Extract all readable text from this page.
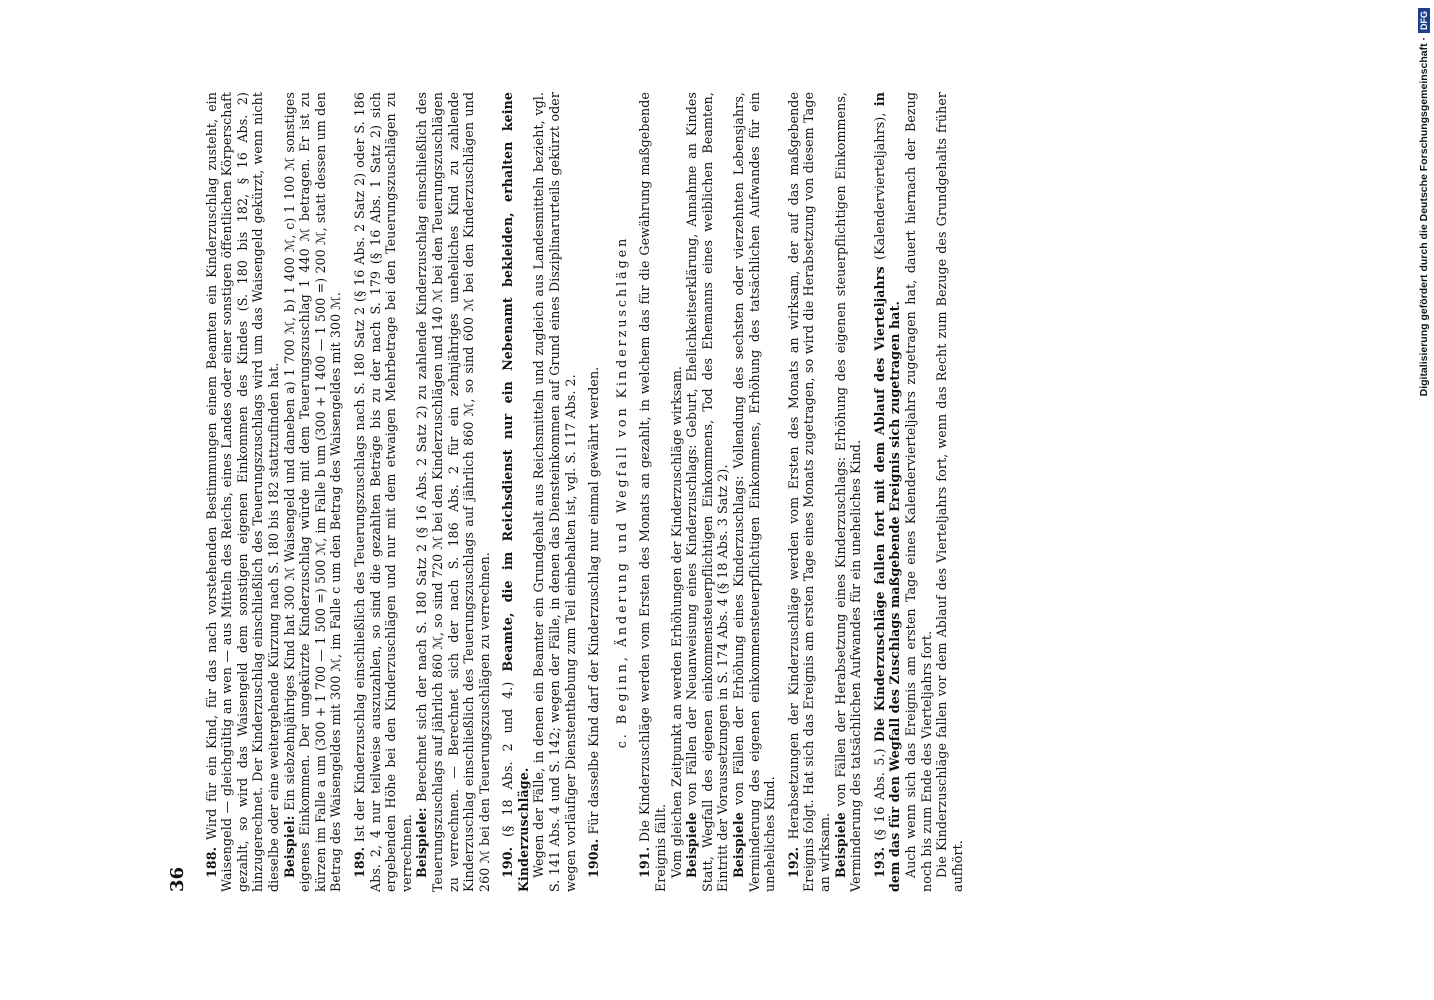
36

188. Wird für ein Kind, für das nach vorstehenden Bestimmungen einem Beamten ein Kinderzuschlag zusteht, ein Waisengeld — gleichgültig an wen — aus Mitteln des Reichs, eines Landes oder einer sonstigen öffentlichen Körperschaft gezahlt, so wird das Waisengeld dem sonstigen eigenen Einkommen des Kindes (S. 180 bis 182, § 16 Abs. 2) hinzugerechnet. Der Kinderzuschlag einschließlich des Teuerungszuschlags wird um das Waisengeld gekürzt, wenn nicht dieselbe oder eine weitergehende Kürzung nach S. 180 bis 182 stattzufinden hat. Beispiel: Ein siebzehnjähriges Kind hat 300 ℳ Waisengeld und daneben a) 1 700 ℳ, b) 1 400 ℳ, c) 1 100 ℳ sonstiges eigenes Einkommen. Der ungekürzte Kinderzuschlag würde mit dem Teuerungszuschlag 1 440 ℳ betragen. Er ist zu kürzen im Falle a um (300 + 1 700 — 1 500 =) 500 ℳ, im Falle b um (300 + 1 400 — 1 500 =) 200 ℳ, statt dessen um den Betrag des Waisengeldes mit 300 ℳ, im Falle c um den Betrag des Waisengeldes mit 300 ℳ. 189. Ist der Kinderzuschlag einschließlich des Teuerungszuschlags nach S. 180 Satz 2 (§ 16 Abs. 2 Satz 2) oder S. 186 Abs. 2, 4 nur teilweise auszuzahlen, so sind die gezahlten Beträge bis zu der nach S. 179 (§ 16 Abs. 1 Satz 2) sich ergebenden Höhe bei den Kinderzuschlägen und nur mit dem etwaigen Mehrbetrage bei den Teuerungszuschlägen zu verrechnen. Beispiele: Berechnet sich der nach S. 180 Satz 2 (§ 16 Abs. 2 Satz 2) zu zahlende Kinderzuschlag einschließlich des Teuerungszuschlags auf jährlich 860 ℳ, so sind 720 ℳ bei den Kinderzuschlägen und 140 ℳ bei den Teuerungszuschlägen zu verrechnen. — Berechnet sich der nach S. 186 Abs. 2 für ein zehnjähriges uneheliches Kind zu zahlende Kinderzuschlag einschließlich des Teuerungszuschlags auf jährlich 860 ℳ, so sind 600 ℳ bei den Kinderzuschlägen und 260 ℳ bei den Teuerungszuschlägen zu verrechnen. 190. (§ 18 Abs. 2 und 4.) Beamte, die im Reichsdienst nur ein Nebenamt bekleiden, erhalten keine Kinderzuschläge. Wegen der Fälle, in denen ein Beamter ein Grundgehalt aus Reichsmitteln und zugleich aus Landesmitteln bezieht, vgl. S. 141 Abs. 4 und S. 142; wegen der Fälle, in denen das Diensteinkommen auf Grund eines Disziplinarurteils gekürzt oder wegen vorläufiger Dienstenthebung zum Teil einbehalten ist, vgl. S. 117 Abs. 2. 190a. Für dasselbe Kind darf der Kinderzuschlag nur einmal gewährt werden. c. Beginn, Änderung und Wegfall von Kinderzuschlägen

191. Die Kinderzuschläge werden vom Ersten des Monats an gezahlt, in welchem das für die Gewährung maßgebende Ereignis fällt. Vom gleichen Zeitpunkt an werden Erhöhungen der Kinderzuschläge wirksam. Beispiele von Fällen der Neuanweisung eines Kinderzuschlags: Geburt, Ehelichkeitserklärung, Annahme an Kindes Statt, Wegfall des eigenen einkommensteuerpflichtigen Einkommens, Tod des Ehemanns eines weiblichen Beamten, Eintritt der Voraussetzungen in S. 174 Abs. 4 (§ 18 Abs. 3 Satz 2). Beispiele von Fällen der Erhöhung eines Kinderzuschlags: Vollendung des sechsten oder vierzehnten Lebensjahrs, Verminderung des eigenen einkommensteuerpflichtigen Einkommens, Erhöhung des tatsächlichen Aufwandes für ein uneheliches Kind. 192. Herabsetzungen der Kinderzuschläge werden vom Ersten des Monats an wirksam, der auf das maßgebende Ereignis folgt. Hat sich das Ereignis am ersten Tage eines Monats zugetragen, so wird die Herabsetzung von diesem Tage an wirksam. Beispiele von Fällen der Herabsetzung eines Kinderzuschlags: Erhöhung des eigenen steuerpflichtigen Einkommens, Verminderung des tatsächlichen Aufwandes für ein uneheliches Kind. 193. (§ 16 Abs. 5.) Die Kinderzuschläge fallen fort mit dem Ablauf des Vierteljahrs (Kalendervierteljahrs), in dem das für den Wegfall des Zuschlags maßgebende Ereignis sich zugetragen hat. Auch wenn sich das Ereignis am ersten Tage eines Kalendervierteljahrs zugetragen hat, dauert hiernach der Bezug noch bis zum Ende des Vierteljahrs fort. Die Kinderzuschläge fallen vor dem Ablauf des Vierteljahrs fort, wenn das Recht zum Bezuge des Grundgehalts früher aufhört.

Digitalisierung gefördert durch die Deutsche Forschungsgemeinschaft ·
DFG
